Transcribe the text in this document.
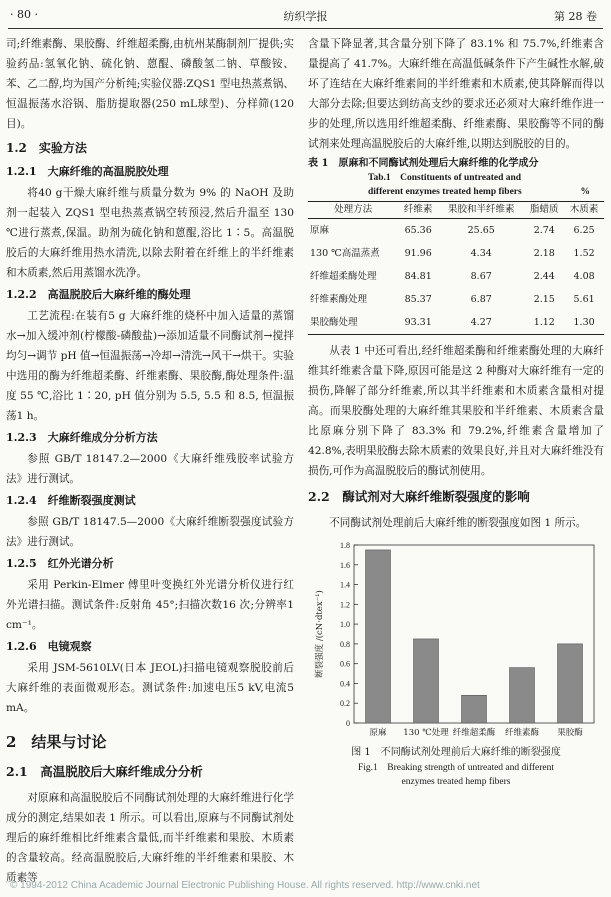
· 80 ·	纺织学报	第 28 卷

司;纤维素酶、果胶酶、纤维超柔酶,由杭州某酶制剂厂提供;实验药品:氢氧化钠、硫化钠、蒽醌、磷酸氢二钠、草酸铵、苯、乙二醇,均为国产分析纯;实验仪器:ZQS1 型电热蒸煮锅、恒温振荡水浴锅、脂肪提取器(250 mL球型)、分样筛(120 目)。

1.2　实验方法
1.2.1　大麻纤维的高温脱胶处理

将40 g干燥大麻纤维与质量分数为 9% 的 NaOH 及助剂一起装入 ZQS1 型电热蒸煮锅空转预浸,然后升温至 130 ℃进行蒸煮,保温。助剂为硫化钠和蒽醌,浴比 1∶5。高温脱胶后的大麻纤维用热水清洗,以除去附着在纤维上的半纤维素和木质素,然后用蒸馏水洗净。

1.2.2　高温脱胶后大麻纤维的酶处理

工艺流程:在装有5 g 大麻纤维的烧杯中加入适量的蒸馏水→加入缓冲剂(柠檬酸-磷酸盐)→添加适量不同酶试剂→搅拌均匀→调节 pH 值→恒温振荡→冷却→清洗→风干→烘干。实验中选用的酶为纤维超柔酶、纤维素酶、果胶酶,酶处理条件:温度 55 ℃,浴比 1∶20, pH 值分别为 5.5, 5.5 和 8.5, 恒温振荡1 h。

1.2.3　大麻纤维成分分析方法

参照 GB/T 18147.2—2000《大麻纤维残胶率试验方法》进行测试。

1.2.4　纤维断裂强度测试

参照 GB/T 18147.5—2000《大麻纤维断裂强度试验方法》进行测试。

1.2.5　红外光谱分析

采用 Perkin-Elmer 傅里叶变换红外光谱分析仪进行红外光谱扫描。测试条件:反射角 45°;扫描次数16 次;分辨率1 cm⁻¹。

1.2.6　电镜观察

采用 JSM-5610LV(日本 JEOL)扫描电镜观察脱胶前后大麻纤维的表面微观形态。测试条件:加速电压5 kV,电流5 mA。

2　结果与讨论
2.1　高温脱胶后大麻纤维成分分析

对原麻和高温脱胶后不同酶试剂处理的大麻纤维进行化学成分的测定,结果如表 1 所示。可以看出,原麻与不同酶试剂处理后的麻纤维相比纤维素含量低,而半纤维素和果胶、木质素的含量较高。经高温脱胶后,大麻纤维的半纤维素和果胶、木质素等

含量下降显著,其含量分别下降了 83.1% 和 75.7%,纤维素含量提高了 41.7%。大麻纤维在高温低碱条件下产生碱性水解,破坏了连结在大麻纤维素间的半纤维素和木质素,使其降解而得以大部分去除;但要达到纺高支纱的要求还必须对大麻纤维作进一步的处理,所以选用纤维超柔酶、纤维素酶、果胶酶等不同的酶试剂来处理高温脱胶后的大麻纤维,以期达到脱胶的目的。

表 1　原麻和不同酶试剂处理后大麻纤维的化学成分
Tab.1　Constituents of untreated and
different enzymes treated hemp fibers	%
处理方法	纤维素	果胶和半纤维素	脂蜡质	木质素
原麻	65.36	25.65	2.74	6.25
130 ℃高温蒸煮	91.96	4.34	2.18	1.52
纤维超柔酶处理	84.81	8.67	2.44	4.08
纤维素酶处理	85.37	6.87	2.15	5.61
果胶酶处理	93.31	4.27	1.12	1.30

从表 1 中还可看出,经纤维超柔酶和纤维素酶处理的大麻纤维其纤维素含量下降,原因可能是这 2 种酶对大麻纤维有一定的损伤,降解了部分纤维素,所以其半纤维素和木质素含量相对提高。而果胶酶处理的大麻纤维其果胶和半纤维素、木质素含量比原麻分别下降了 83.3% 和 79.2%,纤维素含量增加了 42.8%,表明果胶酶去除木质素的效果良好,并且对大麻纤维没有损伤,可作为高温脱胶后的酶试剂使用。

2.2　酶试剂对大麻纤维断裂强度的影响

不同酶试剂处理前后大麻纤维的断裂强度如图 1 所示。

0
0.2
0.4
0.6
0.8
1.0
1.2
1.4
1.6
1.8
断裂强度 /(cN·dtex⁻¹)
原麻 130 ℃处理 纤维超柔酶 纤维素酶 果胶酶
图 1　不同酶试剂处理前后大麻纤维的断裂强度
Fig.1　Breaking strength of untreated and different
enzymes treated hemp fibers
© 1994-2012 China Academic Journal Electronic Publishing House. All rights reserved. http://www.cnki.net
